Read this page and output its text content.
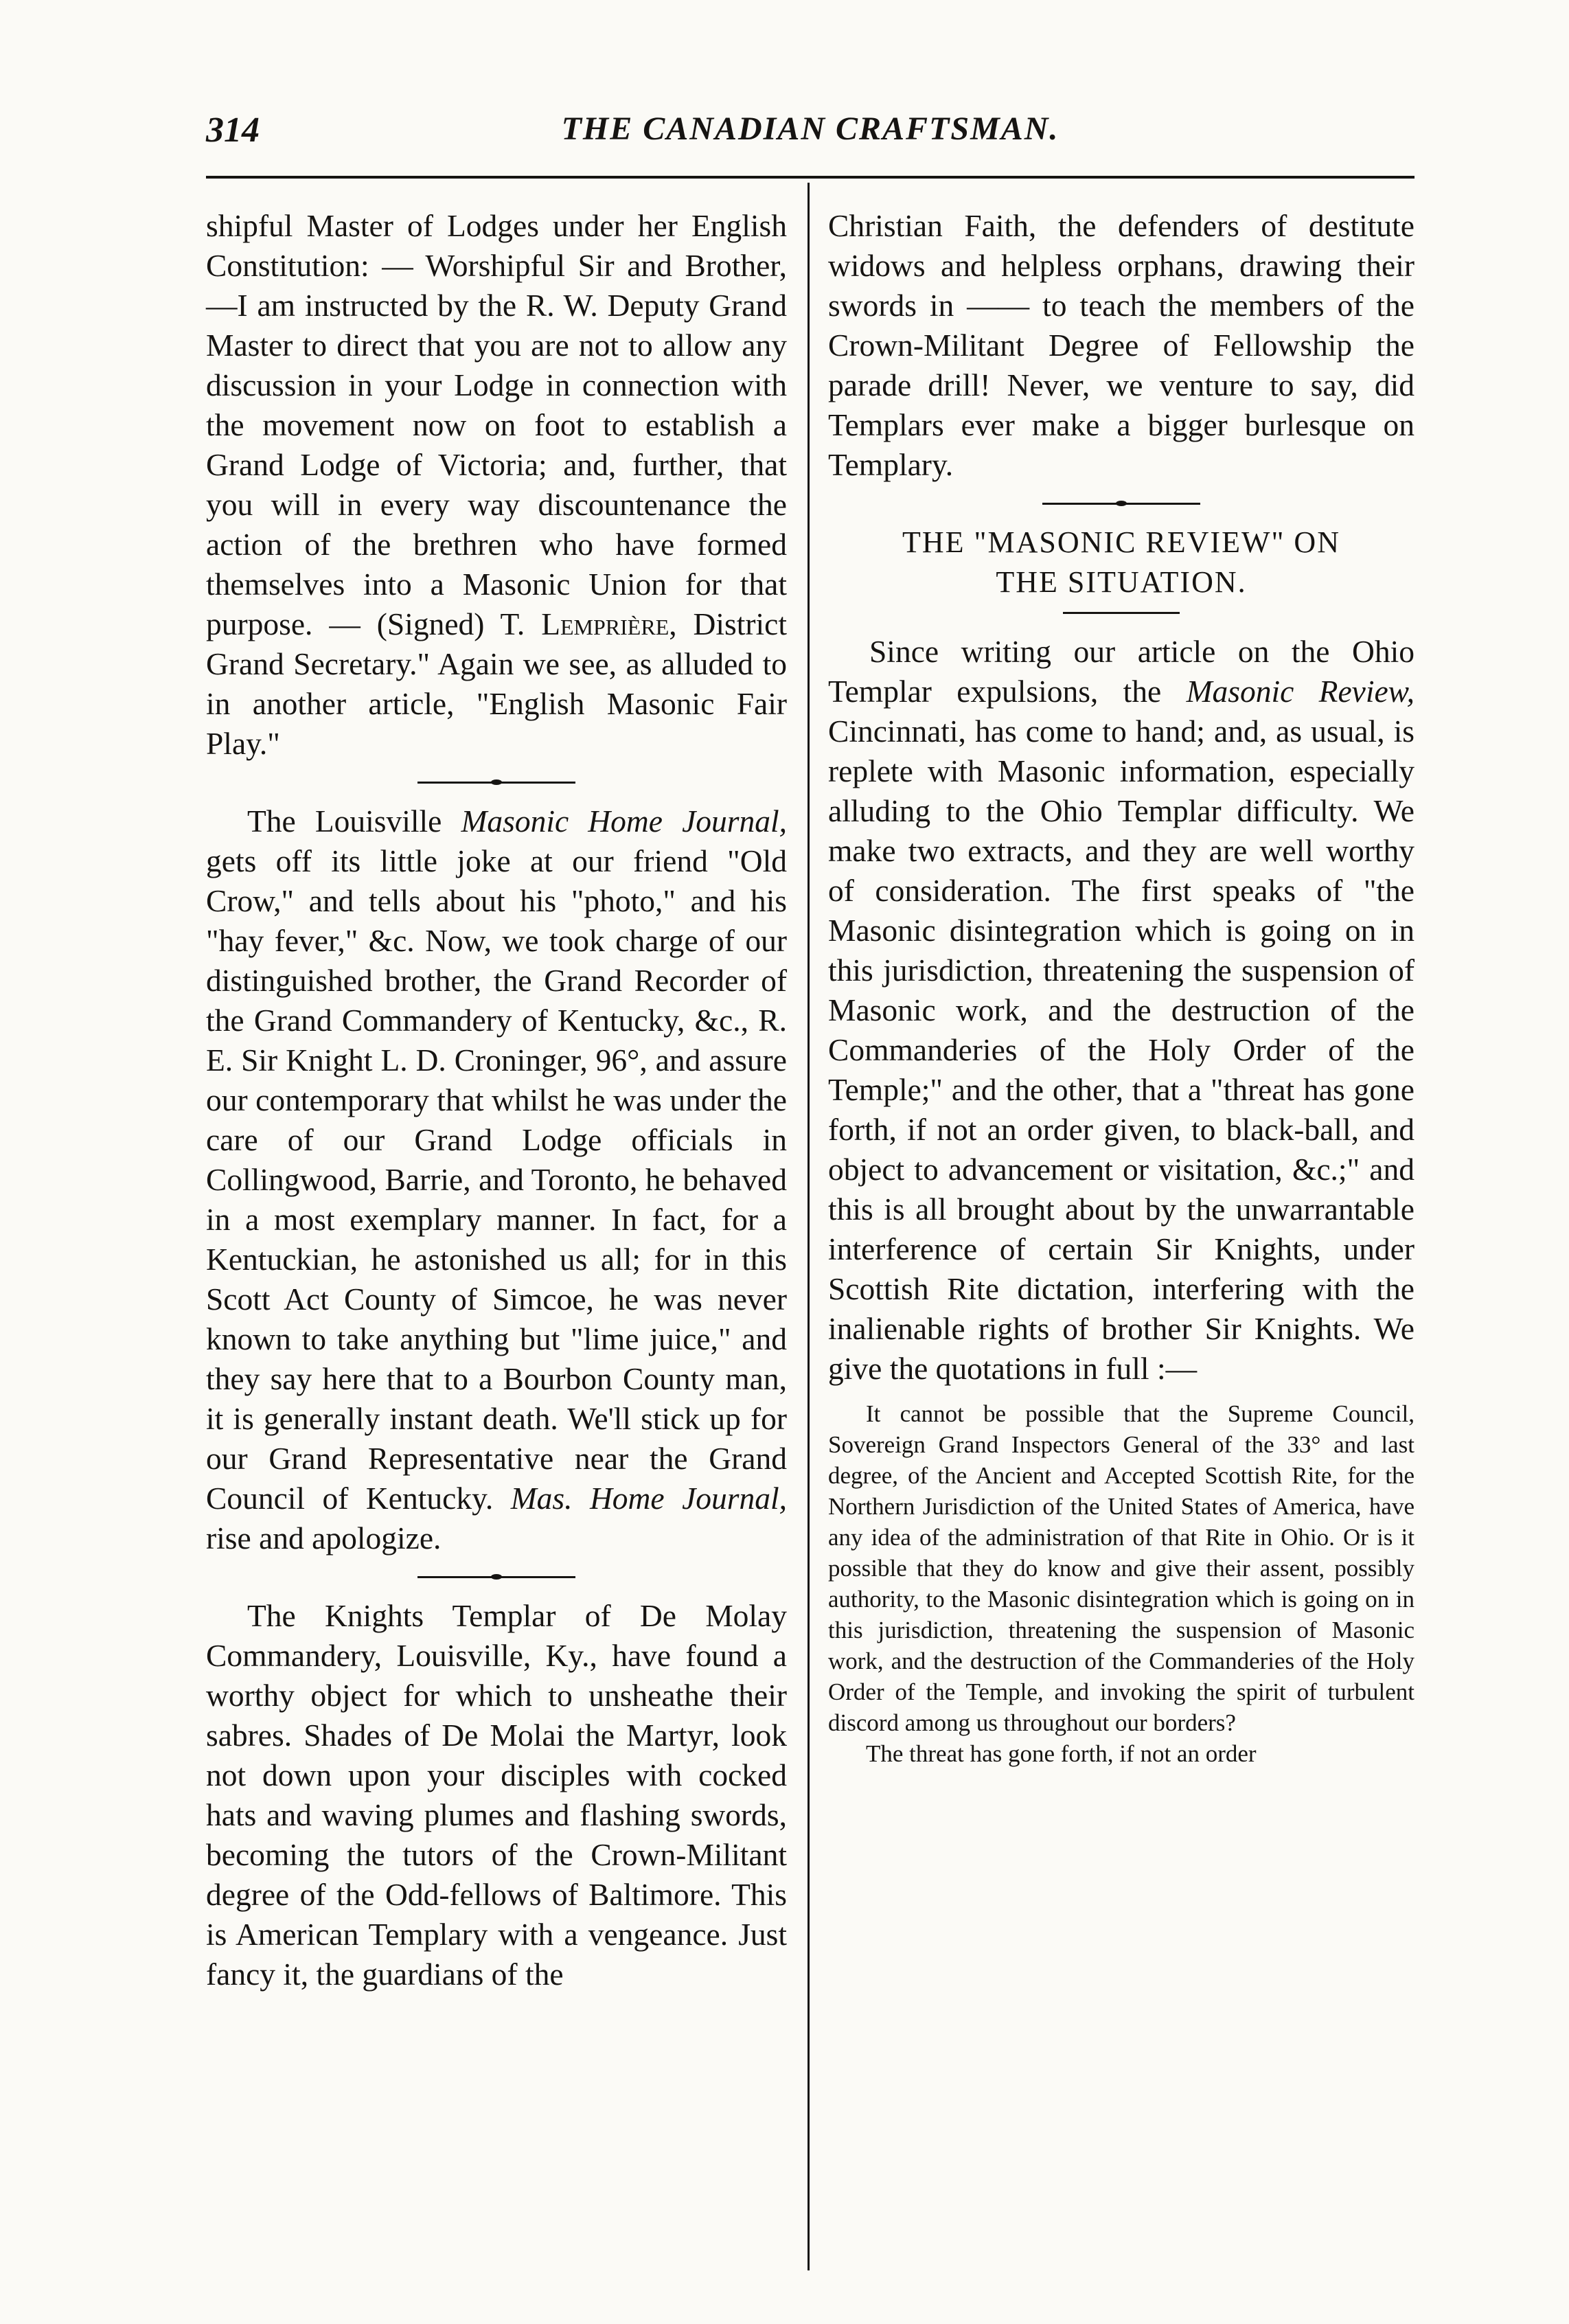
314	THE CANADIAN CRAFTSMAN.

shipful Master of Lodges under her English Constitution: — Worshipful Sir and Brother,—I am instructed by the R. W. Deputy Grand Master to direct that you are not to allow any discussion in your Lodge in connection with the movement now on foot to establish a Grand Lodge of Victoria; and, further, that you will in every way discountenance the action of the brethren who have formed themselves into a Masonic Union for that purpose. — (Signed) T. Lemprière, District Grand Secretary." Again we see, as alluded to in another article, "English Masonic Fair Play."

The Louisville Masonic Home Journal, gets off its little joke at our friend "Old Crow," and tells about his "photo," and his "hay fever," &c. Now, we took charge of our distinguished brother, the Grand Recorder of the Grand Commandery of Kentucky, &c., R. E. Sir Knight L. D. Croninger, 96°, and assure our contemporary that whilst he was under the care of our Grand Lodge officials in Collingwood, Barrie, and Toronto, he behaved in a most exemplary manner. In fact, for a Kentuckian, he astonished us all; for in this Scott Act County of Simcoe, he was never known to take anything but "lime juice," and they say here that to a Bourbon County man, it is generally instant death. We'll stick up for our Grand Representative near the Grand Council of Kentucky. Mas. Home Journal, rise and apologize.

The Knights Templar of De Molay Commandery, Louisville, Ky., have found a worthy object for which to unsheathe their sabres. Shades of De Molai the Martyr, look not down upon your disciples with cocked hats and waving plumes and flashing swords, becoming the tutors of the Crown-Militant degree of the Odd-fellows of Baltimore. This is American Templary with a vengeance. Just fancy it, the guardians of the

Christian Faith, the defenders of destitute widows and helpless orphans, drawing their swords in —— to teach the members of the Crown-Militant Degree of Fellowship the parade drill! Never, we venture to say, did Templars ever make a bigger burlesque on Templary.

THE "MASONIC REVIEW" ON
THE SITUATION.

Since writing our article on the Ohio Templar expulsions, the Masonic Review, Cincinnati, has come to hand; and, as usual, is replete with Masonic information, especially alluding to the Ohio Templar difficulty. We make two extracts, and they are well worthy of consideration. The first speaks of "the Masonic disintegration which is going on in this jurisdiction, threatening the suspension of Masonic work, and the destruction of the Commanderies of the Holy Order of the Temple;" and the other, that a "threat has gone forth, if not an order given, to black-ball, and object to advancement or visitation, &c.;" and this is all brought about by the unwarrantable interference of certain Sir Knights, under Scottish Rite dictation, interfering with the inalienable rights of brother Sir Knights. We give the quotations in full :—

It cannot be possible that the Supreme Council, Sovereign Grand Inspectors General of the 33° and last degree, of the Ancient and Accepted Scottish Rite, for the Northern Jurisdiction of the United States of America, have any idea of the administration of that Rite in Ohio. Or is it possible that they do know and give their assent, possibly authority, to the Masonic disintegration which is going on in this jurisdiction, threatening the suspension of Masonic work, and the destruction of the Commanderies of the Holy Order of the Temple, and invoking the spirit of turbulent discord among us throughout our borders?

The threat has gone forth, if not an order
